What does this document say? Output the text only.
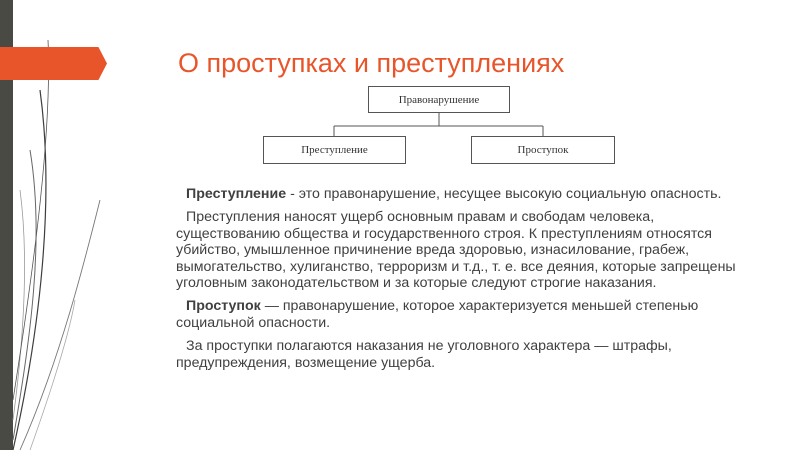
О проступках и преступлениях
Правонарушение
Преступление	Проступок

Преступление - это правонарушение, несущее высокую социальную опасность.

Преступления наносят ущерб основным правам и свободам человека, существованию общества и государственного строя. К преступлениям относятся убийство, умышленное причинение вреда здоровью, изнасилование, грабеж, вымогательство, хулиганство, терроризм и т.д., т. е. все деяния, которые запрещены уголовным законодательством и за которые следуют строгие наказания.

Проступок — правонарушение, которое характеризуется меньшей степенью социальной опасности.

За проступки полагаются наказания не уголовного характера — штрафы, предупреждения, возмещение ущерба.
